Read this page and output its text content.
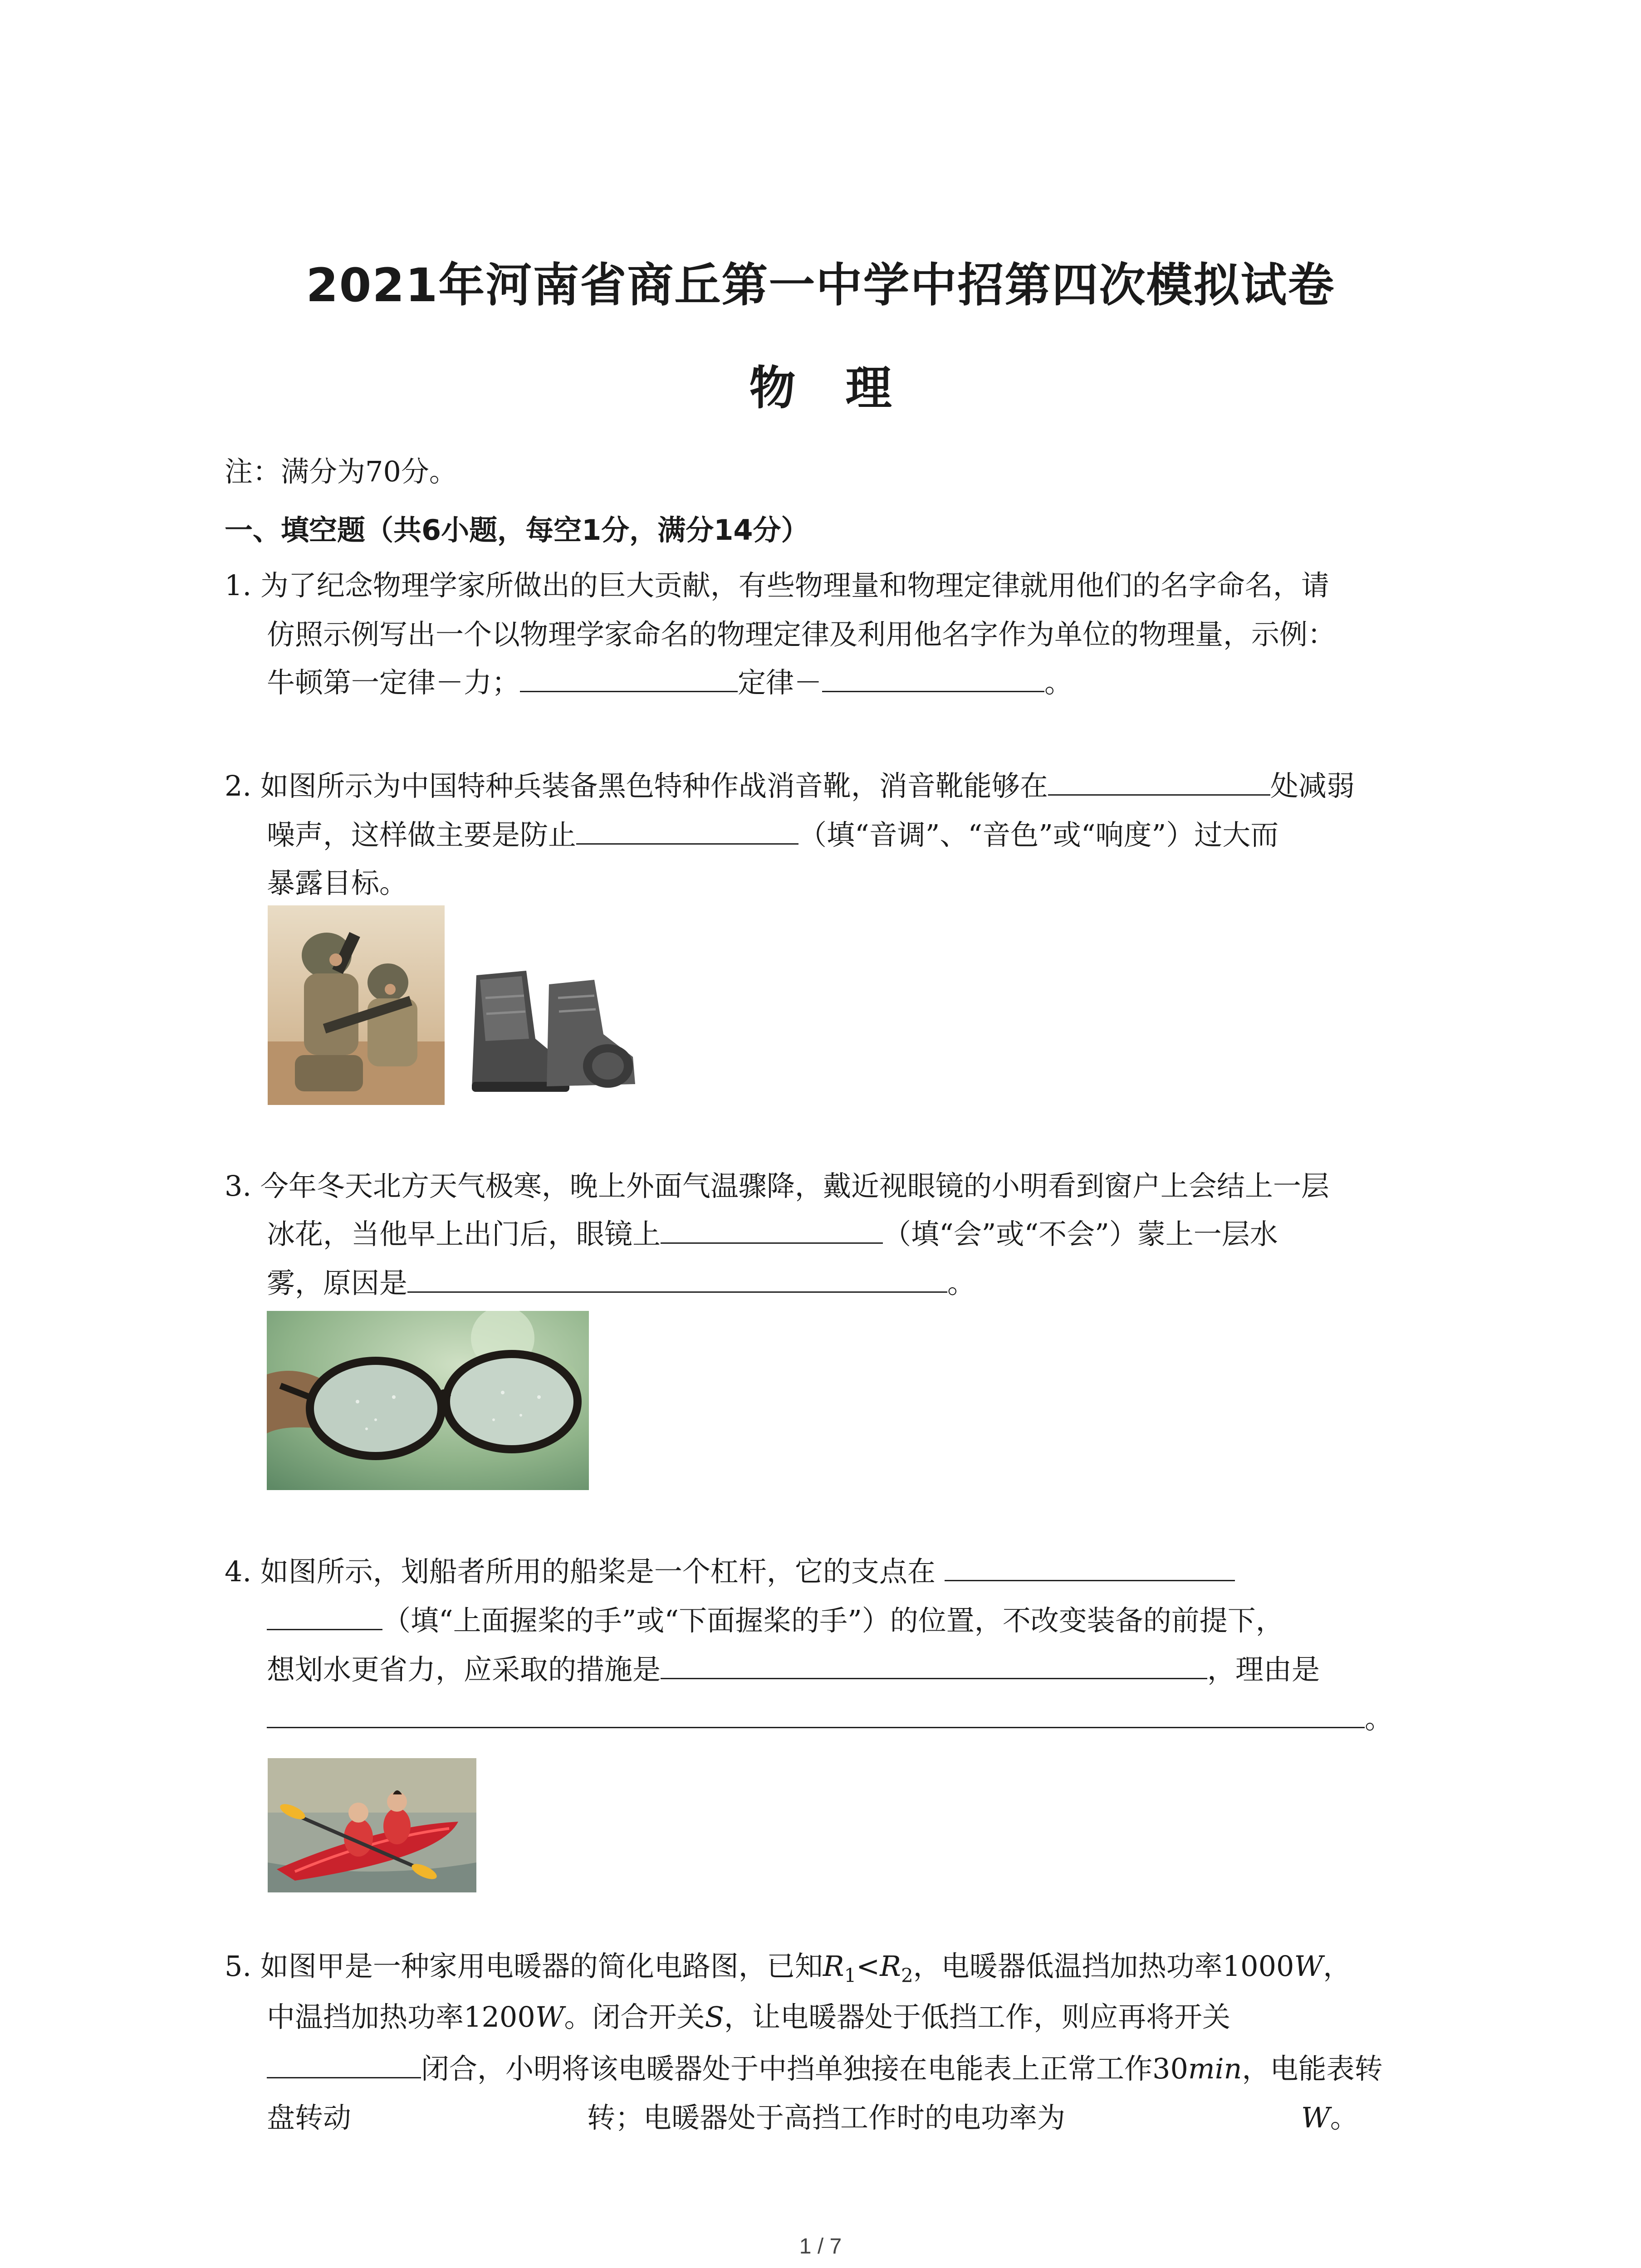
2021年河南省商丘第一中学中招第四次模拟试卷
物理
注：满分为70分。
一、填空题（共6小题，每空1分，满分14分）
1. 为了纪念物理学家所做出的巨大贡献，有些物理量和物理定律就用他们的名字命名，请
仿照示例写出一个以物理学家命名的物理定律及利用他名字作为单位的物理量，示例：
牛顿第一定律－力；	定律－	。
2. 如图所示为中国特种兵装备黑色特种作战消音靴，消音靴能够在	处减弱
噪声，这样做主要是防止	（填“音调”、“音色”或“响度”）过大而
暴露目标。
3. 今年冬天北方天气极寒，晚上外面气温骤降，戴近视眼镜的小明看到窗户上会结上一层
冰花，当他早上出门后，眼镜上	（填“会”或“不会”）蒙上一层水
雾，原因是	。
4. 如图所示，划船者所用的船桨是一个杠杆，它的支点在
（填“上面握桨的手”或“下面握桨的手”）的位置，不改变装备的前提下，
想划水更省力，应采取的措施是	，理由是
。
5. 如图甲是一种家用电暖器的简化电路图，已知$R_1<R_2$，电暖器低温挡加热功率1000W，
中温挡加热功率1200W。闭合开关S，让电暖器处于低挡工作，则应再将开关
闭合，小明将该电暖器处于中挡单独接在电能表上正常工作30min，电能表转
盘转动	转；电暖器处于高挡工作时的电功率为	W。
1 / 7
